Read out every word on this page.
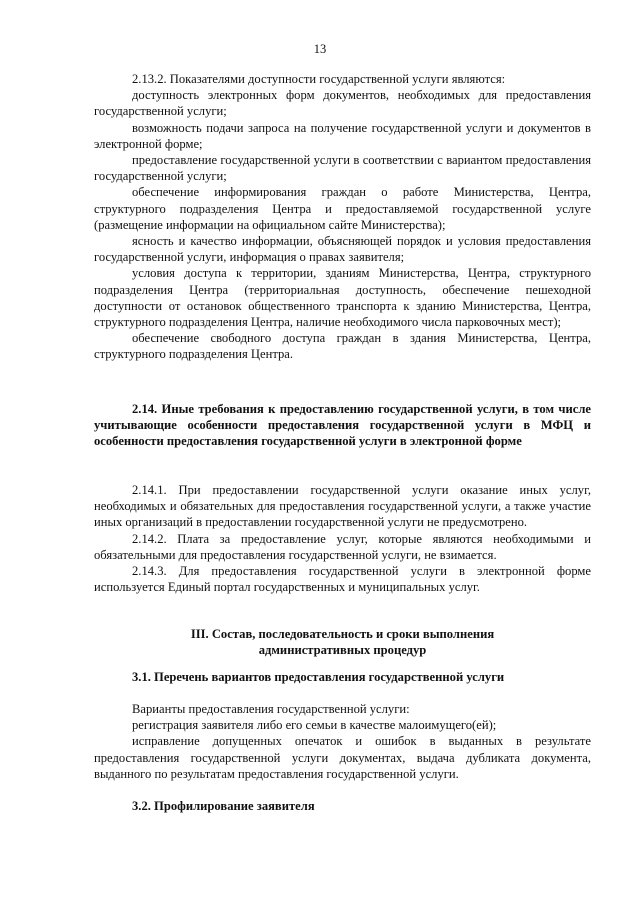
13

2.13.2. Показателями доступности государственной услуги являются:

доступность электронных форм документов, необходимых для предоставления государственной услуги;

возможность подачи запроса на получение государственной услуги и документов в электронной форме;

предоставление государственной услуги в соответствии с вариантом предоставления государственной услуги;

обеспечение информирования граждан о работе Министерства, Центра, структурного подразделения Центра и предоставляемой государственной услуге (размещение информации на официальном сайте Министерства);

ясность и качество информации, объясняющей порядок и условия предоставления государственной услуги, информация о правах заявителя;

условия доступа к территории, зданиям Министерства, Центра, структурного подразделения Центра (территориальная доступность, обеспечение пешеходной доступности от остановок общественного транспорта к зданию Министерства, Центра, структурного подразделения Центра, наличие необходимого числа парковочных мест);

обеспечение свободного доступа граждан в здания Министерства, Центра, структурного подразделения Центра.

2.14. Иные требования к предоставлению государственной услуги, в том числе учитывающие особенности предоставления государственной услуги в МФЦ и особенности предоставления государственной услуги в электронной форме

2.14.1. При предоставлении государственной услуги оказание иных услуг, необходимых и обязательных для предоставления государственной услуги, а также участие иных организаций в предоставлении государственной услуги не предусмотрено.

2.14.2. Плата за предоставление услуг, которые являются необходимыми и обязательными для предоставления государственной услуги, не взимается.

2.14.3. Для предоставления государственной услуги в электронной форме используется Единый портал государственных и муниципальных услуг.

III. Состав, последовательность и сроки выполнения

административных процедур

3.1. Перечень вариантов предоставления государственной услуги

Варианты предоставления государственной услуги:

регистрация заявителя либо его семьи в качестве малоимущего(ей);

исправление допущенных опечаток и ошибок в выданных в результате предоставления государственной услуги документах, выдача дубликата документа, выданного по результатам предоставления государственной услуги.

3.2. Профилирование заявителя
